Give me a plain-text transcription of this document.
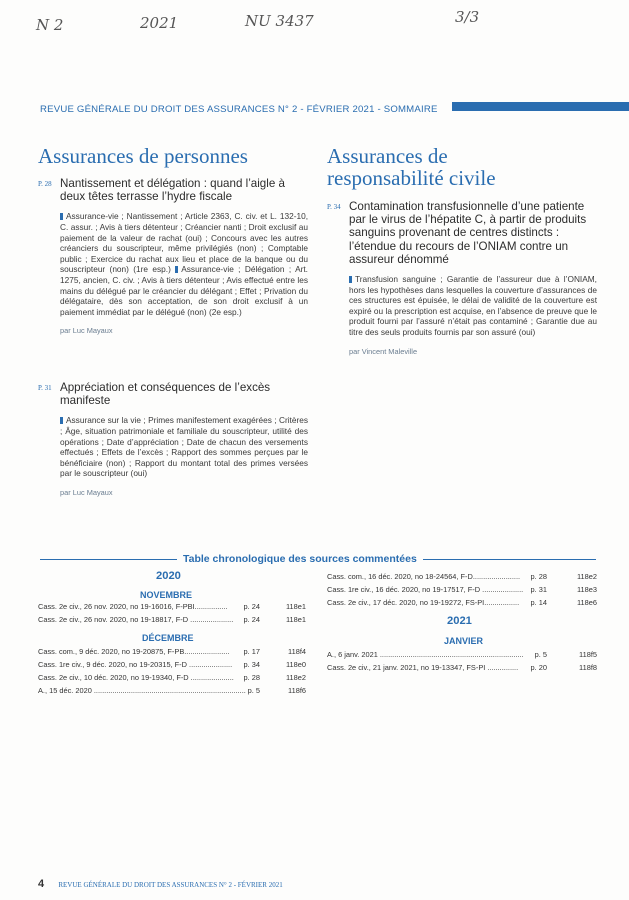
N 2	2021	NU 3437	3/3
REVUE GÉNÉRALE DU DROIT DES ASSURANCES N° 2 - FÉVRIER 2021 - SOMMAIRE
Assurances de personnes
P. 28 Nantissement et délégation : quand l’aigle à deux têtes terrasse l’hydre fiscale
Assurance-vie ; Nantissement ; Article 2363, C. civ. et L. 132-10, C. assur. ; Avis à tiers détenteur ; Créancier nanti ; Droit exclusif au paiement de la valeur de rachat (oui) ; Concours avec les autres créanciers du souscripteur, même privilégiés (non) ; Comptable public ; Exercice du rachat aux lieu et place de la banque ou du souscripteur (non) (1re esp.) Assurance-vie ; Délégation ; Art. 1275, ancien, C. civ. ; Avis à tiers détenteur ; Avis effectué entre les mains du délégué par le créancier du délégant ; Effet ; Privation du délégataire, dès son acceptation, de son droit exclusif à un paiement immédiat par le délégué (non) (2e esp.)
par Luc Mayaux
P. 31 Appréciation et conséquences de l’excès manifeste
Assurance sur la vie ; Primes manifestement exagérées ; Critères ; Âge, situation patrimoniale et familiale du souscripteur, utilité des opérations ; Date d’appréciation ; Date de chacun des versements effectués ; Effets de l’excès ; Rapport des sommes perçues par le bénéficiaire (non) ; Rapport du montant total des primes versées par le souscripteur (oui)
par Luc Mayaux
Assurances de
responsabilité civile
P. 34 Contamination transfusionnelle d’une patiente par le virus de l’hépatite C, à partir de produits sanguins provenant de centres distincts : l’étendue du recours de l’ONIAM contre un assureur dénommé
Transfusion sanguine ; Garantie de l’assureur due à l’ONIAM, hors les hypothèses dans lesquelles la couverture d’assurances de ces structures est épuisée, le délai de validité de la couverture est expiré ou la prescription est acquise, en l’absence de preuve que le produit fourni par l’assuré n’était pas contaminé ; Garantie due au titre des seuls produits fournis par son assuré (oui)
par Vincent Maleville
Table chronologique des sources commentées
2020
NOVEMBRE
Cass. 2e civ., 26 nov. 2020, no 19-16016, F-PBI................ p. 24	118e1
Cass. 2e civ., 26 nov. 2020, no 19-18817, F-D ..................... p. 24	118e1
DÉCEMBRE
Cass. com., 9 déc. 2020, no 19-20875, F-PB...................... p. 17	118f4
Cass. 1re civ., 9 déc. 2020, no 19-20315, F-D ..................... p. 34	118e0
Cass. 2e civ., 10 déc. 2020, no 19-19340, F-D ..................... p. 28	118e2
A., 15 déc. 2020 .......................................................................... p. 5	118f6
Cass. com., 16 déc. 2020, no 18-24564, F-D....................... p. 28	118e2
Cass. 1re civ., 16 déc. 2020, no 19-17517, F-D .................... p. 31	118e3
Cass. 2e civ., 17 déc. 2020, no 19-19272, FS-PI................. p. 14	118e6
2021
JANVIER
A., 6 janv. 2021 ...................................................................... p. 5	118f5
Cass. 2e civ., 21 janv. 2021, no 19-13347, FS-PI ............... p. 20	118f8
4 REVUE GÉNÉRALE DU DROIT DES ASSURANCES N° 2 - FÉVRIER 2021
